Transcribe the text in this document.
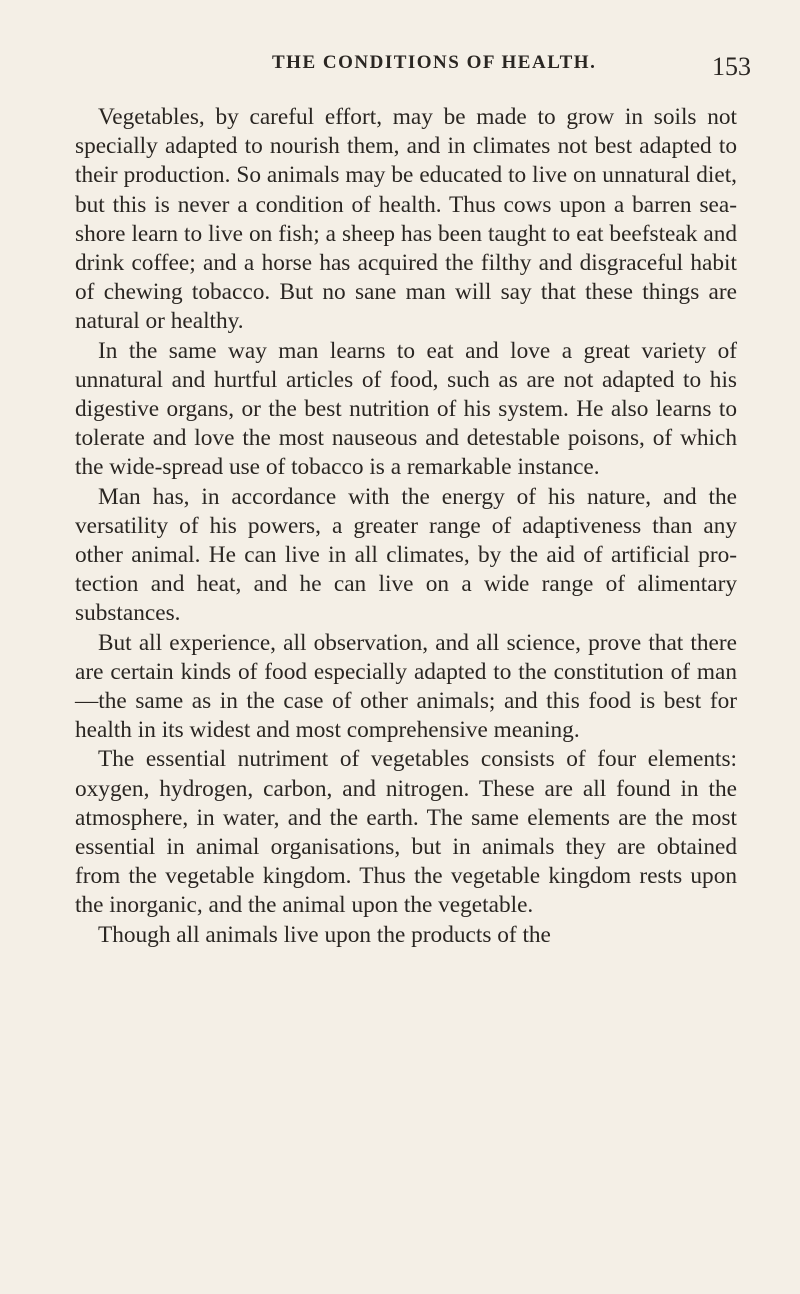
THE CONDITIONS OF HEALTH.	153

Vegetables, by careful effort, may be made to grow in soils not specially adapted to nourish them, and in climates not best adapted to their production. So animals may be educated to live on unnatural diet, but this is never a condition of health. Thus cows upon a barren sea-shore learn to live on fish; a sheep has been taught to eat beefsteak and drink coffee; and a horse has acquired the filthy and disgraceful habit of chewing tobacco. But no sane man will say that these things are natural or healthy.

In the same way man learns to eat and love a great variety of unnatural and hurtful articles of food, such as are not adapted to his digestive organs, or the best nutrition of his system. He also learns to tolerate and love the most nauseous and detestable poisons, of which the wide-spread use of tobacco is a remarkable instance.

Man has, in accordance with the energy of his nature, and the versatility of his powers, a greater range of adaptiveness than any other animal. He can live in all climates, by the aid of artificial protection and heat, and he can live on a wide range of alimentary substances.

But all experience, all observation, and all science, prove that there are certain kinds of food especially adapted to the constitution of man—the same as in the case of other animals; and this food is best for health in its widest and most comprehensive meaning.

The essential nutriment of vegetables consists of four elements: oxygen, hydrogen, carbon, and nitrogen. These are all found in the atmosphere, in water, and the earth. The same elements are the most essential in animal organisations, but in animals they are obtained from the vegetable kingdom. Thus the vegetable kingdom rests upon the inorganic, and the animal upon the vegetable.

Though all animals live upon the products of the
